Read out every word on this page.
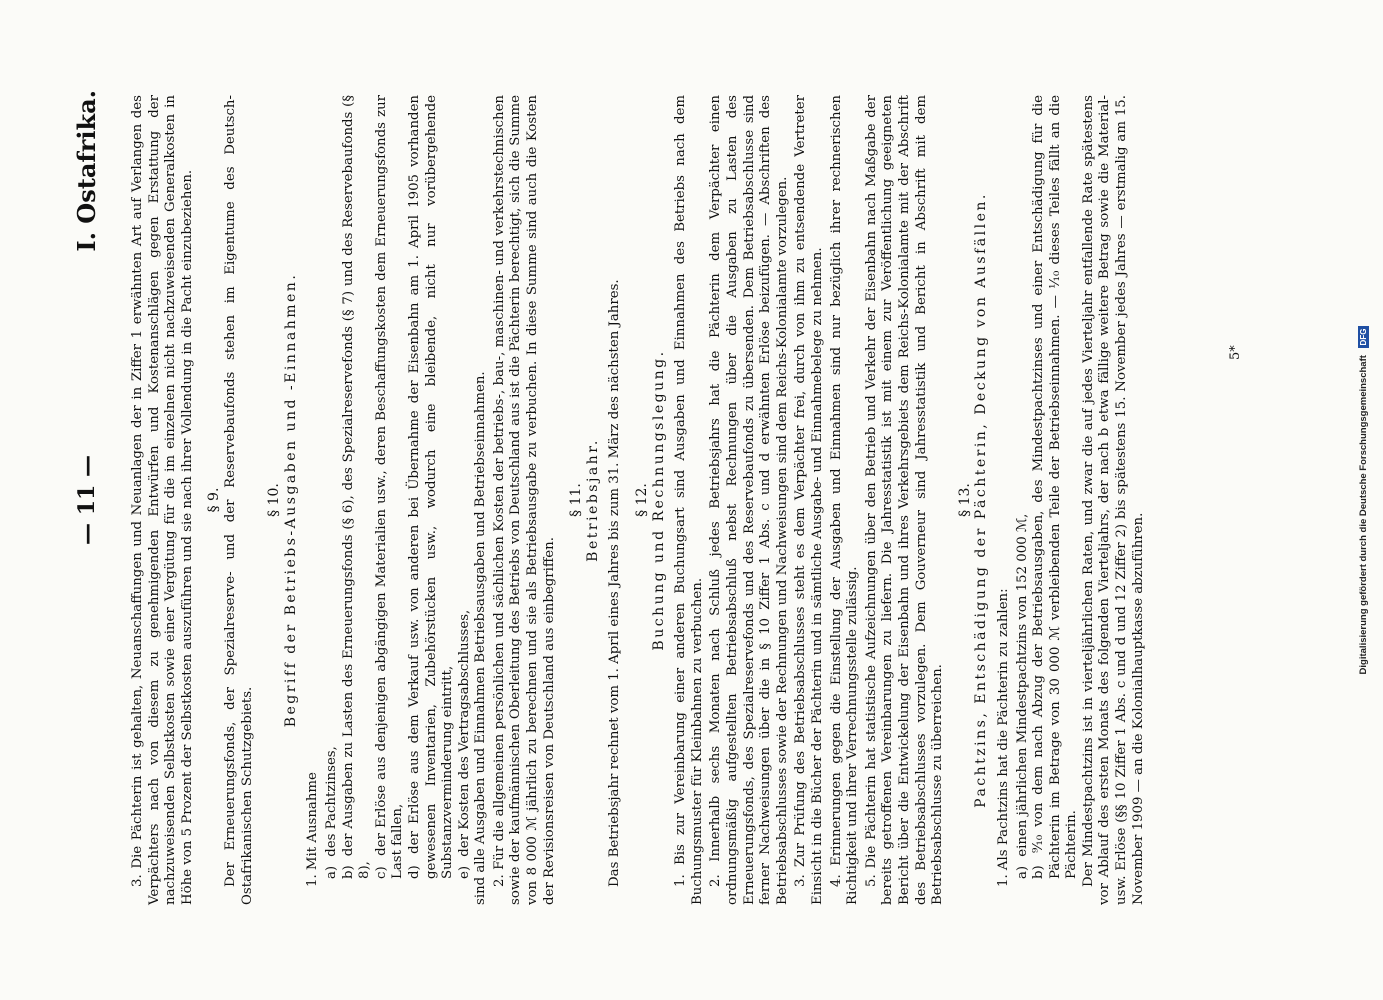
— 11 —
I. Ostafrika. 3. Die Pächterin ist gehalten, Neuanschaffungen und Neuanlagen der in Ziffer 1 erwähnten Art auf Verlangen des Verpächters nach von diesem zu genehmigenden Entwürfen und Kostenanschlägen gegen Erstattung der nachzuweisenden Selbstkosten sowie einer Vergütung für die im einzelnen nicht nachzuweisenden Generalkosten in Höhe von 5 Prozent der Selbstkosten auszuführen und sie nach ihrer Vollendung in die Pacht einzubeziehen. § 9. Der Erneuerungsfonds, der Spezialreserve- und der Reservebaufonds stehen im Eigentume des Deutsch-Ostafrikanischen Schutzgebiets.

§ 10. Begriff der Betriebs-Ausgaben und -Einnahmen.

1. Mit Ausnahme a) des Pachtzinses,
b) der Ausgaben zu Lasten des Erneuerungsfonds (§ 6), des Spezialreservefonds (§ 7) und des Reservebaufonds (§ 8), c) der Erlöse aus denjenigen abgängigen Materialien usw., deren Beschaffungskosten dem Erneuerungsfonds zur Last fallen, d) der Erlöse aus dem Verkauf usw. von anderen bei Übernahme der Eisenbahn am 1. April 1905 vorhanden gewesenen Inventarien, Zubehörstücken usw., wodurch eine bleibende, nicht nur vorübergehende Substanzverminderung eintritt, e) der Kosten des Vertragsabschlusses, sind alle Ausgaben und Einnahmen Betriebsausgaben und Betriebseinnahmen. 2. Für die allgemeinen persönlichen und sächlichen Kosten der betriebs-, bau-, maschinen- und verkehrstechnischen sowie der kaufmännischen Oberleitung des Betriebs von Deutschland aus ist die Pächterin berechtigt, sich die Summe von 8 000 ℳ jährlich zu berechnen und sie als Betriebsausgabe zu verbuchen. In diese Summe sind auch die Kosten der Revisionsreisen von Deutschland aus einbegriffen.

§ 11. Betriebsjahr. Das Betriebsjahr rechnet vom 1. April eines Jahres bis zum 31. März des nächsten Jahres. § 12. Buchung und Rechnungslegung. 1. Bis zur Vereinbarung einer anderen Buchungsart sind Ausgaben und Einnahmen des Betriebs nach dem Buchungsmuster für Kleinbahnen zu verbuchen. 2. Innerhalb sechs Monaten nach Schluß jedes Betriebsjahrs hat die Pächterin dem Verpächter einen ordnungsmäßig aufgestellten Betriebsabschluß nebst Rechnungen über die Ausgaben zu Lasten des Erneuerungsfonds, des Spezialreservefonds und des Reservebaufonds zu übersenden. Dem Betriebsabschlusse sind ferner Nachweisungen über die in § 10 Ziffer 1 Abs. c und d erwähnten Erlöse beizufügen. — Abschriften des Betriebsabschlusses sowie der Rechnungen und Nachweisungen sind dem Reichs-Kolonialamte vorzulegen. 3. Zur Prüfung des Betriebsabschlusses steht es dem Verpächter frei, durch von ihm zu entsendende Vertreter Einsicht in die Bücher der Pächterin und in sämtliche Ausgabe- und Einnahmebelege zu nehmen. 4. Erinnerungen gegen die Einstellung der Ausgaben und Einnahmen sind nur bezüglich ihrer rechnerischen Richtigkeit und ihrer Verrechnungsstelle zulässig. 5. Die Pächterin hat statistische Aufzeichnungen über den Betrieb und Verkehr der Eisenbahn nach Maßgabe der bereits getroffenen Vereinbarungen zu liefern. Die Jahresstatistik ist mit einem zur Veröffentlichung geeigneten Bericht über die Entwickelung der Eisenbahn und ihres Verkehrsgebiets dem Reichs-Kolonialamte mit der Abschrift des Betriebsabschlusses vorzulegen. Dem Gouverneur sind Jahresstatistik und Bericht in Abschrift mit dem Betriebsabschlusse zu überreichen.

§ 13. Pachtzins, Entschädigung der Pächterin, Deckung von Ausfällen. 1. Als Pachtzins hat die Pächterin zu zahlen: a) einen jährlichen Mindestpachtzins von 152 000 ℳ,
b) ⁹⁄₁₀ von dem nach Abzug der Betriebsausgaben, des Mindestpachtzinses und einer Entschädigung für die Pächterin im Betrage von 30 000 ℳ verbleibenden Teile der Betriebseinnahmen. — ¹⁄₁₀ dieses Teiles fällt an die Pächterin. Der Mindestpachtzins ist in vierteljährlichen Raten, und zwar die auf jedes Vierteljahr entfallende Rate spätestens vor Ablauf des ersten Monats des folgenden Vierteljahrs, der nach b etwa fällige weitere Betrag sowie die Material- usw. Erlöse (§§ 10 Ziffer 1 Abs. c und d und 12 Ziffer 2) bis spätestens 15. November jedes Jahres — erstmalig am 15. November 1909 — an die Kolonialhauptkasse abzuführen.

5*
Digitalisierung gefördert durch die Deutsche Forschungsgemeinschaft DFG
